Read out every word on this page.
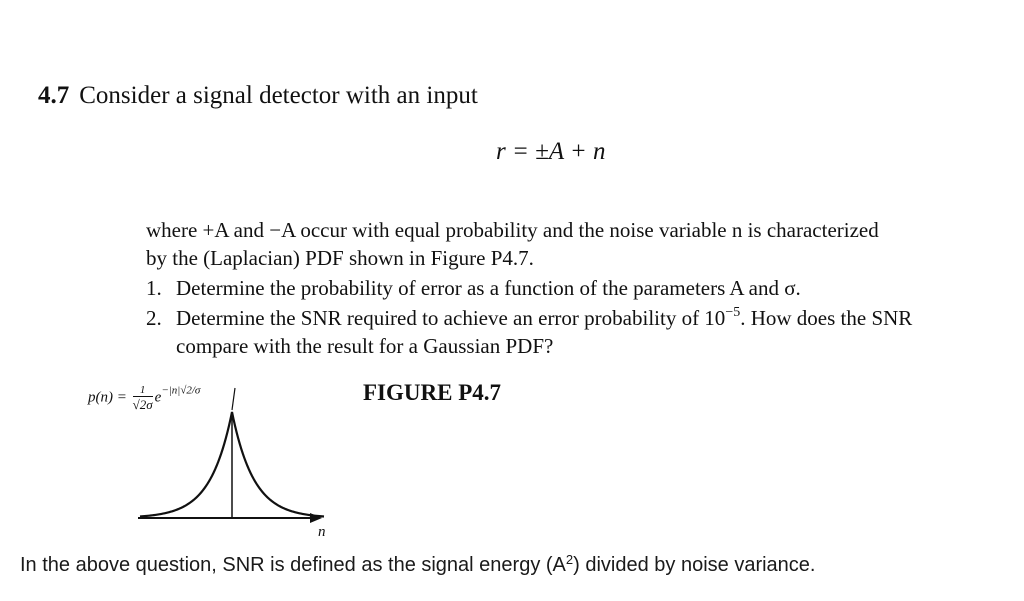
4.7 Consider a signal detector with an input
r = ±A + n
where +A and −A occur with equal probability and the noise variable n is characterized
by the (Laplacian) PDF shown in Figure P4.7.
1. Determine the probability of error as a function of the parameters A and σ.
2. Determine the SNR required to achieve an error probability of $10^{-5}$. How does the SNR
compare with the result for a Gaussian PDF?
$p(n) = \frac{1}{√2\sigma} e^{-|n|√2/\sigma}$	FIGURE P4.7
n
In the above question, SNR is defined as the signal energy $(A^2)$ divided by noise variance.
